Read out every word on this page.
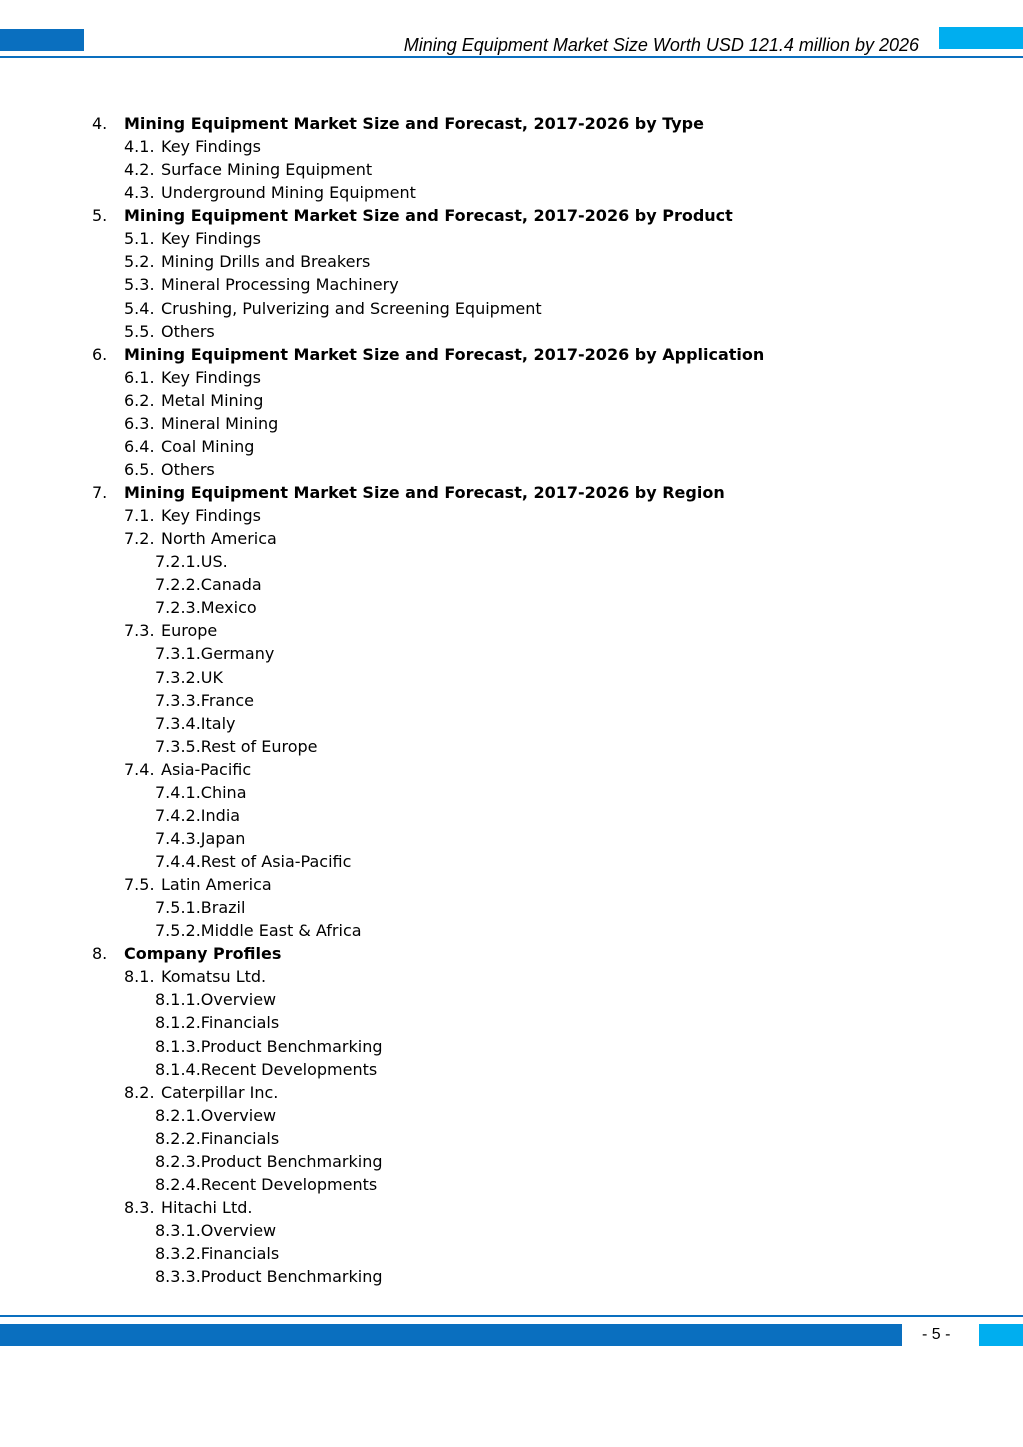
Mining Equipment Market Size Worth USD 121.4 million by 2026
4. Mining Equipment Market Size and Forecast, 2017-2026 by Type
4.1. Key Findings
4.2. Surface Mining Equipment
4.3. Underground Mining Equipment
5. Mining Equipment Market Size and Forecast, 2017-2026 by Product
5.1. Key Findings
5.2. Mining Drills and Breakers
5.3. Mineral Processing Machinery
5.4. Crushing, Pulverizing and Screening Equipment
5.5. Others
6. Mining Equipment Market Size and Forecast, 2017-2026 by Application
6.1. Key Findings
6.2. Metal Mining
6.3. Mineral Mining
6.4. Coal Mining
6.5. Others
7. Mining Equipment Market Size and Forecast, 2017-2026 by Region
7.1. Key Findings
7.2. North America
7.2.1.US.
7.2.2.Canada
7.2.3.Mexico
7.3. Europe
7.3.1.Germany
7.3.2.UK
7.3.3.France
7.3.4.Italy
7.3.5.Rest of Europe
7.4. Asia-Pacific
7.4.1.China
7.4.2.India
7.4.3.Japan
7.4.4.Rest of Asia-Pacific
7.5. Latin America
7.5.1.Brazil
7.5.2.Middle East & Africa
8. Company Profiles
8.1. Komatsu Ltd.
8.1.1.Overview
8.1.2.Financials
8.1.3.Product Benchmarking
8.1.4.Recent Developments
8.2. Caterpillar Inc.
8.2.1.Overview
8.2.2.Financials
8.2.3.Product Benchmarking
8.2.4.Recent Developments
8.3. Hitachi Ltd.
8.3.1.Overview
8.3.2.Financials
8.3.3.Product Benchmarking
- 5 -
